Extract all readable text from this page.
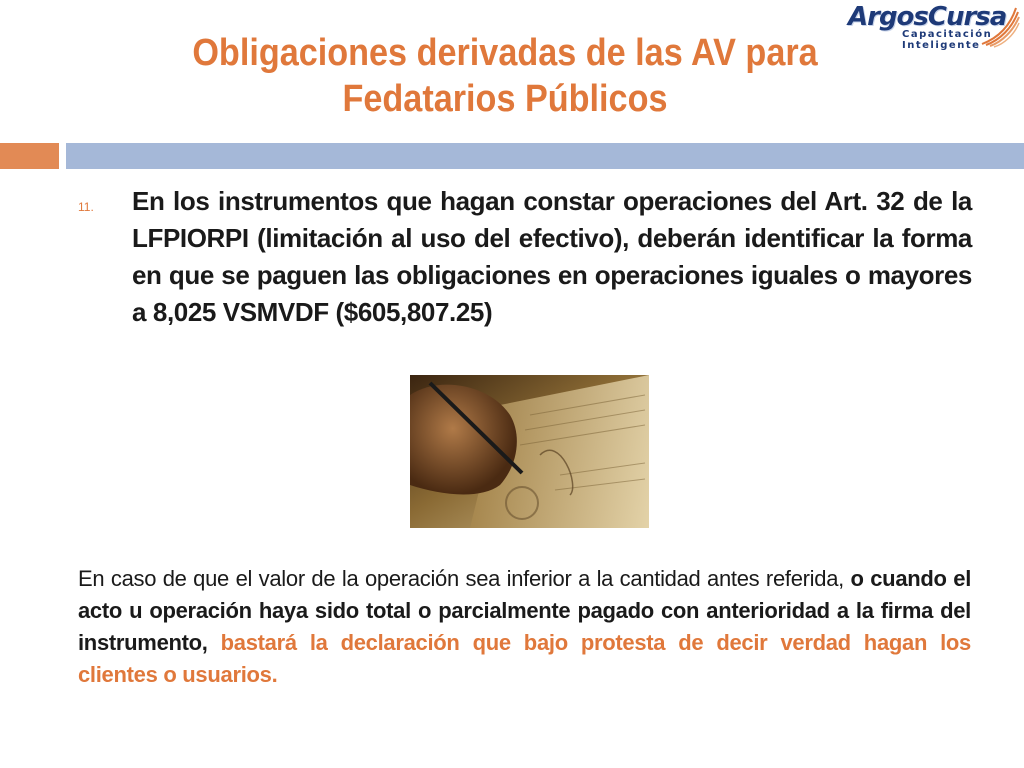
ArgosCursa
Capacitación
Inteligente
Obligaciones derivadas de las AV para Fedatarios Públicos
11. En los instrumentos que hagan constar operaciones del Art. 32 de la LFPIORPI (limitación al uso del efectivo), deberán identificar la forma en que se paguen las obligaciones en operaciones iguales o mayores a 8,025 VSMVDF ($605,807.25)
En caso de que el valor de la operación sea inferior a la cantidad antes referida, o cuando el acto u operación haya sido total o parcialmente pagado con anterioridad a la firma del instrumento, bastará la declaración que bajo protesta de decir verdad hagan los clientes o usuarios.
